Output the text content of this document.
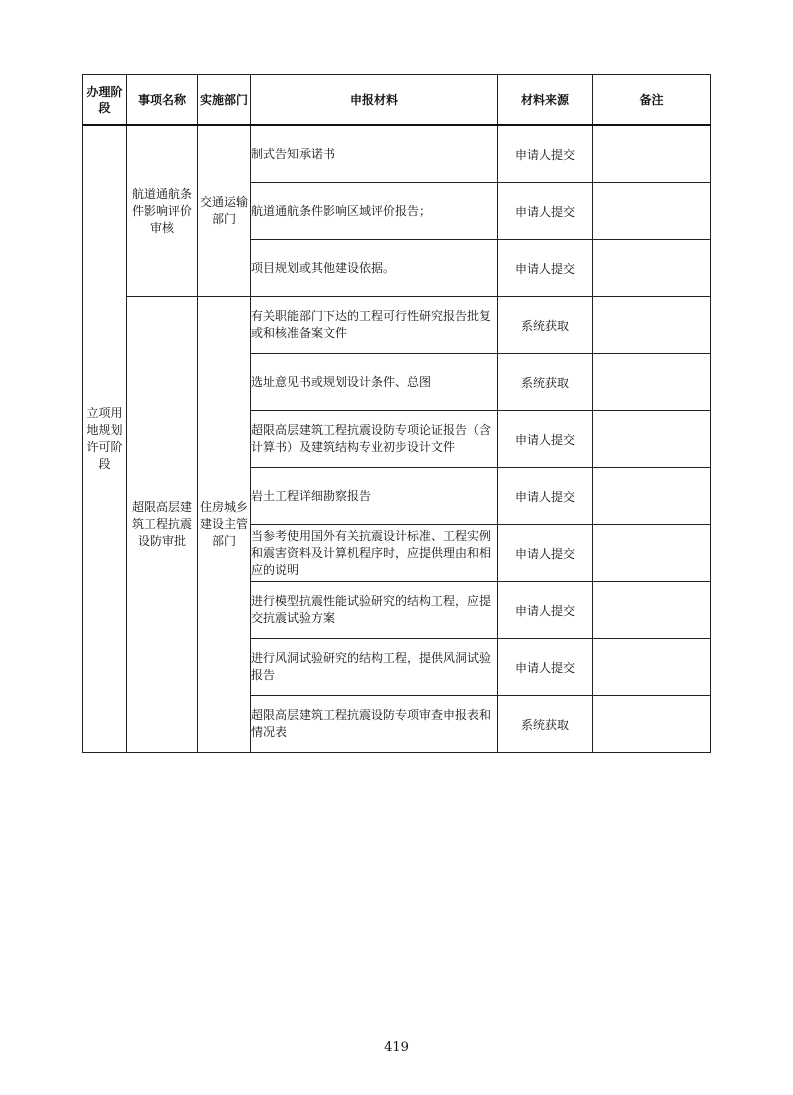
办理阶段	事项名称	实施部门	申报材料	材料来源	备注
立项用地规划许可阶段	航道通航条件影响评价审核	交通运输部门	制式告知承诺书	申请人提交	
			航道通航条件影响区域评价报告；	申请人提交	
			项目规划或其他建设依据。	申请人提交	
	超限高层建筑工程抗震设防审批	住房城乡建设主管部门	有关职能部门下达的工程可行性研究报告批复或和核准备案文件	系统获取	
			选址意见书或规划设计条件、总图	系统获取	
			超限高层建筑工程抗震设防专项论证报告（含计算书）及建筑结构专业初步设计文件	申请人提交	
			岩土工程详细勘察报告	申请人提交	
			当参考使用国外有关抗震设计标准、工程实例和震害资料及计算机程序时，应提供理由和相应的说明	申请人提交	
			进行模型抗震性能试验研究的结构工程，应提交抗震试验方案	申请人提交	
			进行风洞试验研究的结构工程，提供风洞试验报告	申请人提交	
			超限高层建筑工程抗震设防专项审查申报表和情况表	系统获取	
419
